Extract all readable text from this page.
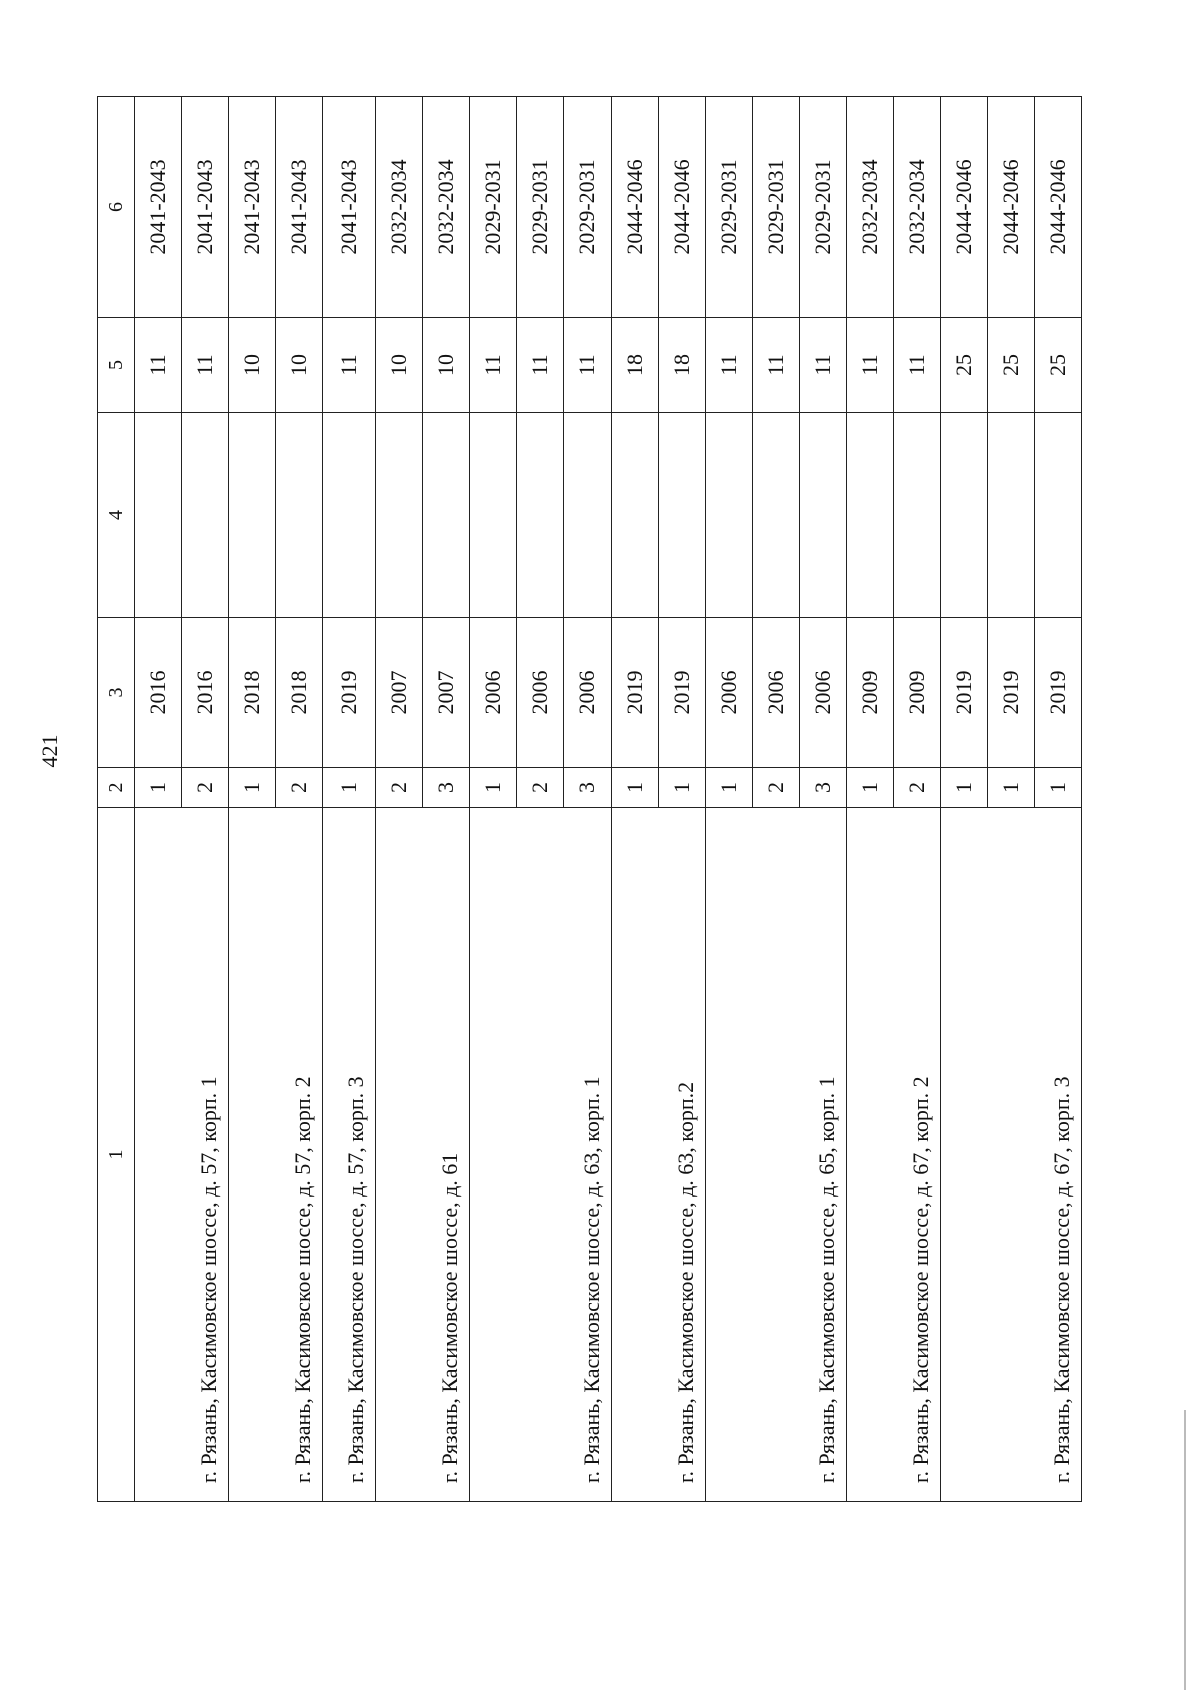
421
1	2	3	4	5	6
г. Рязань, Касимовское шоссе, д. 57, корп. 1	1	2016		11	2041-2043
	2	2016		11	2041-2043
г. Рязань, Касимовское шоссе, д. 57, корп. 2	1	2018		10	2041-2043
	2	2018		10	2041-2043
г. Рязань, Касимовское шоссе, д. 57, корп. 3	1	2019		11	2041-2043
г. Рязань, Касимовское шоссе, д. 61	2	2007		10	2032-2034
	3	2007		10	2032-2034
г. Рязань, Касимовское шоссе, д. 63, корп. 1	1	2006		11	2029-2031
	2	2006		11	2029-2031
	3	2006		11	2029-2031
г. Рязань, Касимовское шоссе, д. 63, корп.2	1	2019		18	2044-2046
	1	2019		18	2044-2046
г. Рязань, Касимовское шоссе, д. 65, корп. 1	1	2006		11	2029-2031
	2	2006		11	2029-2031
	3	2006		11	2029-2031
г. Рязань, Касимовское шоссе, д. 67, корп. 2	1	2009		11	2032-2034
	2	2009		11	2032-2034
г. Рязань, Касимовское шоссе, д. 67, корп. 3	1	2019		25	2044-2046
	1	2019		25	2044-2046
	1	2019		25	2044-2046
